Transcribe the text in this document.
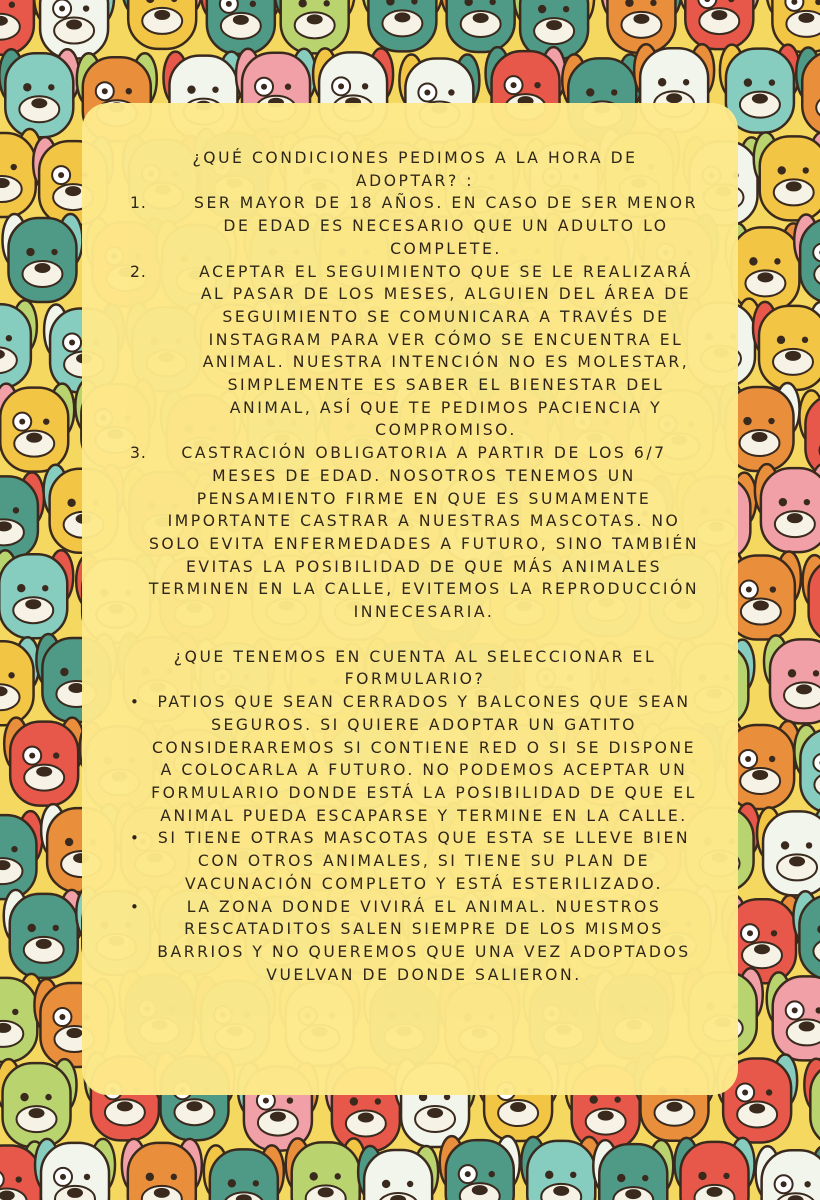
¿QUÉ CONDICIONES PEDIMOS A LA HORA DE ADOPTAR? :
1.	SER MAYOR DE 18 AÑOS. EN CASO DE SER MENOR DE EDAD ES NECESARIO QUE UN ADULTO LO COMPLETE.
2.	ACEPTAR EL SEGUIMIENTO QUE SE LE REALIZARÁ AL PASAR DE LOS MESES, ALGUIEN DEL ÁREA DE SEGUIMIENTO SE COMUNICARA A TRAVÉS DE INSTAGRAM PARA VER CÓMO SE ENCUENTRA EL ANIMAL. NUESTRA INTENCIÓN NO ES MOLESTAR, SIMPLEMENTE ES SABER EL BIENESTAR DEL ANIMAL, ASÍ QUE TE PEDIMOS PACIENCIA Y COMPROMISO.
3.	CASTRACIÓN OBLIGATORIA A PARTIR DE LOS 6/7 MESES DE EDAD. NOSOTROS TENEMOS UN PENSAMIENTO FIRME EN QUE ES SUMAMENTE IMPORTANTE CASTRAR A NUESTRAS MASCOTAS. NO SOLO EVITA ENFERMEDADES A FUTURO, SINO TAMBIÉN EVITAS LA POSIBILIDAD DE QUE MÁS ANIMALES TERMINEN EN LA CALLE, EVITEMOS LA REPRODUCCIÓN INNECESARIA.
¿QUE TENEMOS EN CUENTA AL SELECCIONAR EL FORMULARIO?
•	PATIOS QUE SEAN CERRADOS Y BALCONES QUE SEAN SEGUROS. SI QUIERE ADOPTAR UN GATITO CONSIDERAREMOS SI CONTIENE RED O SI SE DISPONE A COLOCARLA A FUTURO. NO PODEMOS ACEPTAR UN FORMULARIO DONDE ESTÁ LA POSIBILIDAD DE QUE EL ANIMAL PUEDA ESCAPARSE Y TERMINE EN LA CALLE.
•	SI TIENE OTRAS MASCOTAS QUE ESTA SE LLEVE BIEN CON OTROS ANIMALES, SI TIENE SU PLAN DE VACUNACIÓN COMPLETO Y ESTÁ ESTERILIZADO.
•	LA ZONA DONDE VIVIRÁ EL ANIMAL. NUESTROS RESCATADITOS SALEN SIEMPRE DE LOS MISMOS BARRIOS Y NO QUEREMOS QUE UNA VEZ ADOPTADOS VUELVAN DE DONDE SALIERON.
